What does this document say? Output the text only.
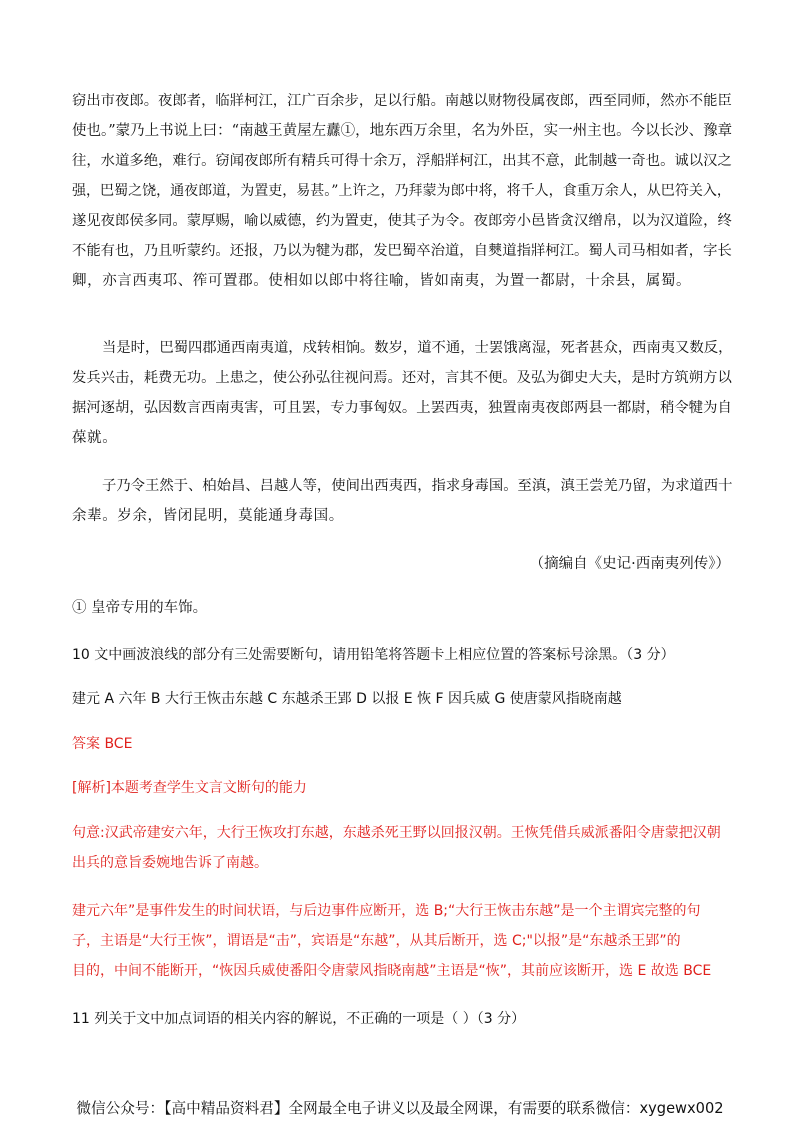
窃出市夜郎。夜郎者，临牂柯江，江广百余步，足以行船。南越以财物役属夜郎，西至同师，然亦不能臣
使也。”蒙乃上书说上曰：“南越王黄屋左纛①，地东西万余里，名为外臣，实一州主也。今以长沙、豫章
往，水道多绝，难行。窃闻夜郎所有精兵可得十余万，浮船牂柯江，出其不意，此制越一奇也。诚以汉之
强，巴蜀之饶，通夜郎道，为置吏，易甚。”上许之，乃拜蒙为郎中将，将千人，食重万余人，从巴符关入，
遂见夜郎侯多同。蒙厚赐，喻以威德，约为置吏，使其子为令。夜郎旁小邑皆贪汉缯帛，以为汉道险，终
不能有也，乃且听蒙约。还报，乃以为犍为郡，发巴蜀卒治道，自僰道指牂柯江。蜀人司马相如者，字长
卿，亦言西夷邛、筰可置郡。使相如以郎中将往喻，皆如南夷，为置一都尉，十余县，属蜀。
当是时，巴蜀四郡通西南夷道，戍转相饷。数岁，道不通，士罢饿离湿，死者甚众，西南夷又数反，
发兵兴击，耗费无功。上患之，使公孙弘往视问焉。还对，言其不便。及弘为御史大夫，是时方筑朔方以
据河逐胡，弘因数言西南夷害，可且罢，专力事匈奴。上罢西夷，独置南夷夜郎两县一都尉，稍令犍为自
葆就。
子乃令王然于、柏始昌、吕越人等，使间出西夷西，指求身毒国。至滇，滇王尝羌乃留，为求道西十
余辈。岁余，皆闭昆明，莫能通身毒国。
（摘编自《史记·西南夷列传》）
① 皇帝专用的车饰。

10 文中画波浪线的部分有三处需要断句，请用铅笔将答题卡上相应位置的答案标号涂黑。（3 分）

建元 A 六年 B 大行王恢击东越 C 东越杀王郢 D 以报 E 恢 F 因兵威 G 使唐蒙风指晓南越

答案 BCE

[解析]本题考查学生文言文断句的能力

句意:汉武帝建安六年，大行王恢攻打东越，东越杀死王野以回报汉朝。王恢凭借兵威派番阳令唐蒙把汉朝
出兵的意旨委婉地告诉了南越。
建元六年”是事件发生的时间状语，与后边事件应断开，选 B;“大行王恢击东越”是一个主谓宾完整的句
子，主语是“大行王恢”，谓语是“击”，宾语是“东越”，从其后断开，选 C;"以报”是“东越杀王郢”的
目的，中间不能断开，“恢因兵威使番阳令唐蒙风指晓南越”主语是“恢”，其前应该断开，选 E 故选 BCE

11 列关于文中加点词语的相关内容的解说，不正确的一项是（ ）（3 分）

微信公众号：【高中精品资料君】全网最全电子讲义以及最全网课，有需要的联系微信：xygewx002
